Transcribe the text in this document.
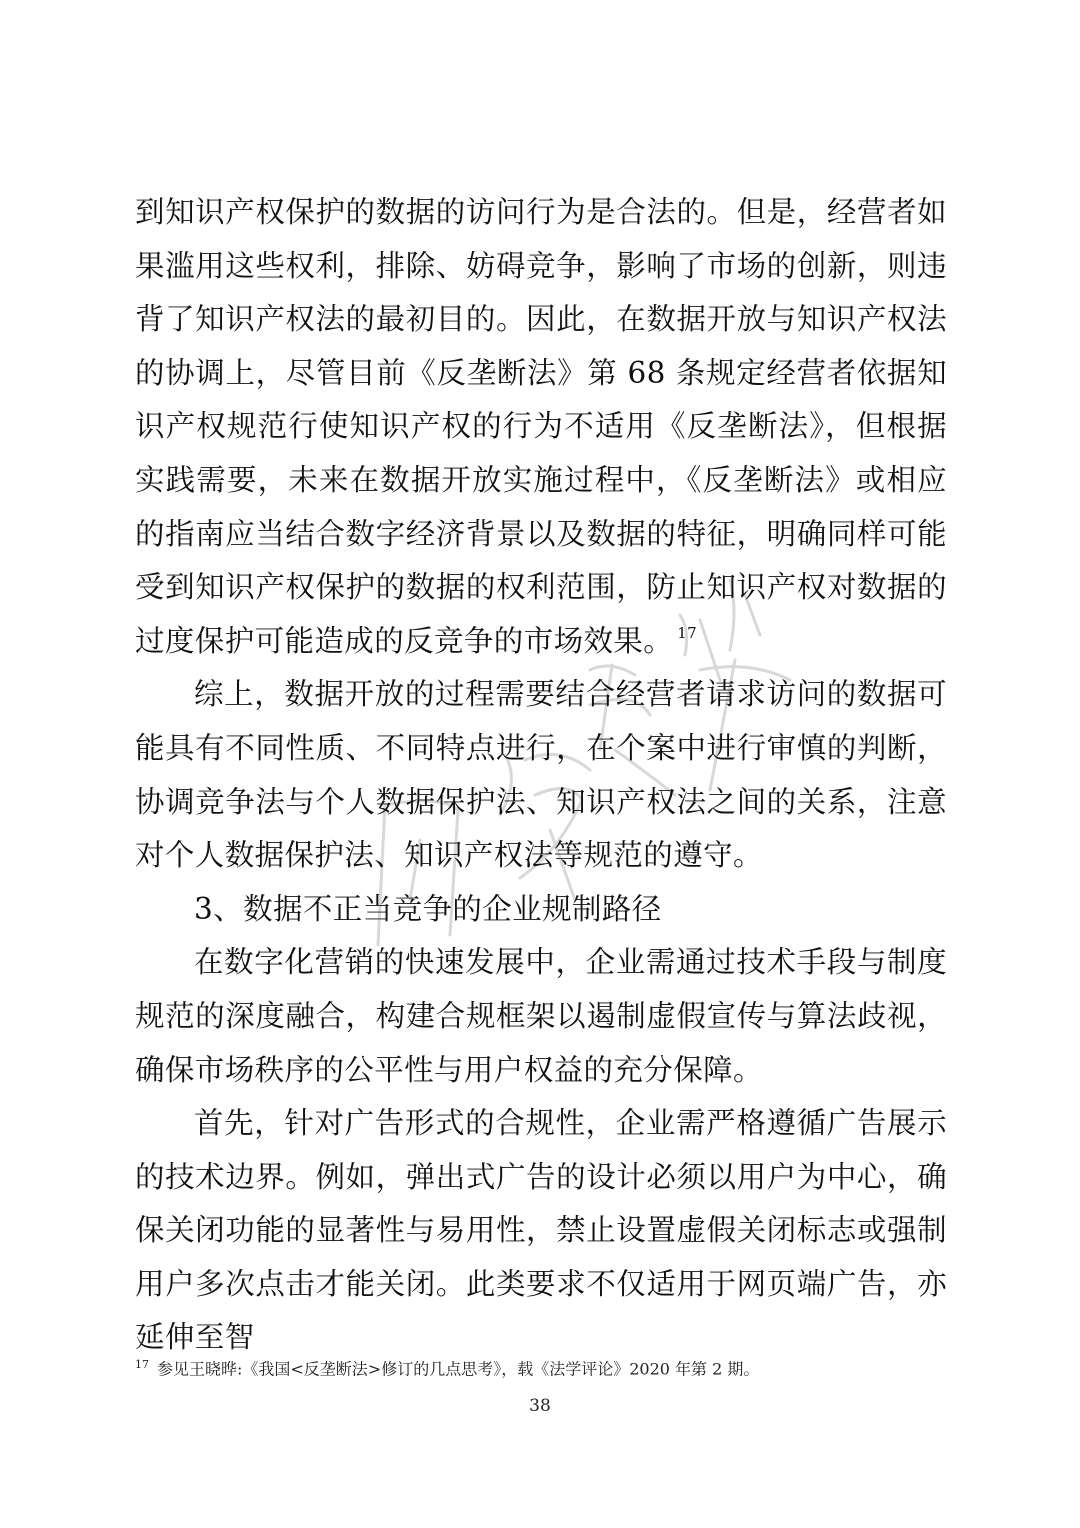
到知识产权保护的数据的访问行为是合法的。但是，经营者如果滥用这些权利，排除、妨碍竞争，影响了市场的创新，则违背了知识产权法的最初目的。因此，在数据开放与知识产权法的协调上，尽管目前《反垄断法》第 68 条规定经营者依据知识产权规范行使知识产权的行为不适用《反垄断法》，但根据实践需要，未来在数据开放实施过程中，《反垄断法》或相应的指南应当结合数字经济背景以及数据的特征，明确同样可能受到知识产权保护的数据的权利范围，防止知识产权对数据的过度保护可能造成的反竞争的市场效果。 $^{17}$

综上，数据开放的过程需要结合经营者请求访问的数据可能具有不同性质、不同特点进行，在个案中进行审慎的判断，协调竞争法与个人数据保护法、知识产权法之间的关系，注意对个人数据保护法、知识产权法等规范的遵守。

3、数据不正当竞争的企业规制路径

在数字化营销的快速发展中，企业需通过技术手段与制度规范的深度融合，构建合规框架以遏制虚假宣传与算法歧视，确保市场秩序的公平性与用户权益的充分保障。

首先，针对广告形式的合规性，企业需严格遵循广告展示的技术边界。例如，弹出式广告的设计必须以用户为中心，确保关闭功能的显著性与易用性，禁止设置虚假关闭标志或强制用户多次点击才能关闭。此类要求不仅适用于网页端广告，亦延伸至智

$^{17}$ 参见王晓晔:《我国<反垄断法>修订的几点思考》，载《法学评论》2020 年第 2 期。
38
